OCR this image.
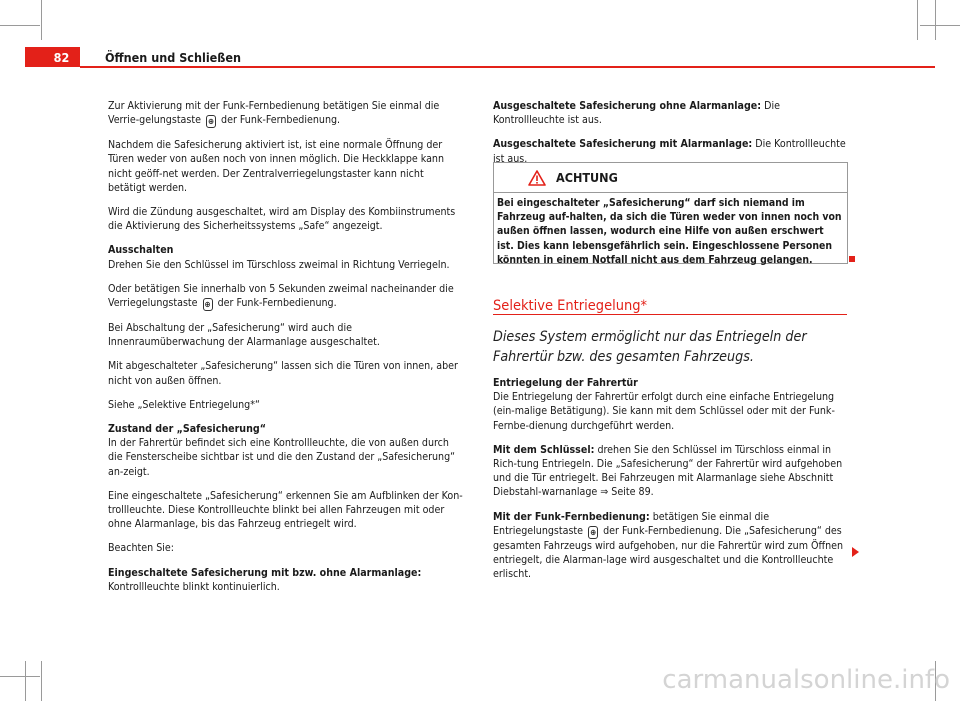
82	Öffnen und Schließen

Zur Aktivierung mit der Funk-Fernbedienung betätigen Sie einmal die Verrie-gelungstaste ⊕ der Funk-Fernbedienung.

Nachdem die Safesicherung aktiviert ist, ist eine normale Öffnung der Türen weder von außen noch von innen möglich. Die Heckklappe kann nicht geöff-net werden. Der Zentralverriegelungstaster kann nicht betätigt werden.

Wird die Zündung ausgeschaltet, wird am Display des Kombiinstruments die Aktivierung des Sicherheitssystems „Safe“ angezeigt.

Ausschalten

Drehen Sie den Schlüssel im Türschloss zweimal in Richtung Verriegeln.

Oder betätigen Sie innerhalb von 5 Sekunden zweimal nacheinander die Verriegelungstaste ⊕ der Funk-Fernbedienung.

Bei Abschaltung der „Safesicherung“ wird auch die Innenraumüberwachung der Alarmanlage ausgeschaltet.

Mit abgeschalteter „Safesicherung“ lassen sich die Türen von innen, aber nicht von außen öffnen.

Siehe „Selektive Entriegelung*“

Zustand der „Safesicherung“

In der Fahrertür befindet sich eine Kontrollleuchte, die von außen durch die Fensterscheibe sichtbar ist und die den Zustand der „Safesicherung“ an-zeigt.

Eine eingeschaltete „Safesicherung“ erkennen Sie am Aufblinken der Kon-trollleuchte. Diese Kontrollleuchte blinkt bei allen Fahrzeugen mit oder ohne Alarmanlage, bis das Fahrzeug entriegelt wird.

Beachten Sie:

Eingeschaltete Safesicherung mit bzw. ohne Alarmanlage: Kontrollleuchte blinkt kontinuierlich.

Ausgeschaltete Safesicherung ohne Alarmanlage: Die Kontrollleuchte ist aus.

Ausgeschaltete Safesicherung mit Alarmanlage: Die Kontrollleuchte ist aus.

ACHTUNG
Bei eingeschalteter „Safesicherung“ darf sich niemand im Fahrzeug auf-halten, da sich die Türen weder von innen noch von außen öffnen lassen, wodurch eine Hilfe von außen erschwert ist. Dies kann lebensgefährlich sein. Eingeschlossene Personen könnten in einem Notfall nicht aus dem Fahrzeug gelangen.
Selektive Entriegelung*
Dieses System ermöglicht nur das Entriegeln der Fahrertür bzw. des gesamten Fahrzeugs.

Entriegelung der Fahrertür

Die Entriegelung der Fahrertür erfolgt durch eine einfache Entriegelung (ein-malige Betätigung). Sie kann mit dem Schlüssel oder mit der Funk-Fernbe-dienung durchgeführt werden.

Mit dem Schlüssel: drehen Sie den Schlüssel im Türschloss einmal in Rich-tung Entriegeln. Die „Safesicherung“ der Fahrertür wird aufgehoben und die Tür entriegelt. Bei Fahrzeugen mit Alarmanlage siehe Abschnitt Diebstahl-warnanlage ⇒ Seite 89.

Mit der Funk-Fernbedienung: betätigen Sie einmal die Entriegelungstaste ⊕ der Funk-Fernbedienung. Die „Safesicherung“ des gesamten Fahrzeugs wird aufgehoben, nur die Fahrertür wird zum Öffnen entriegelt, die Alarman-lage wird ausgeschaltet und die Kontrollleuchte erlischt.

carmanualsonline.info
